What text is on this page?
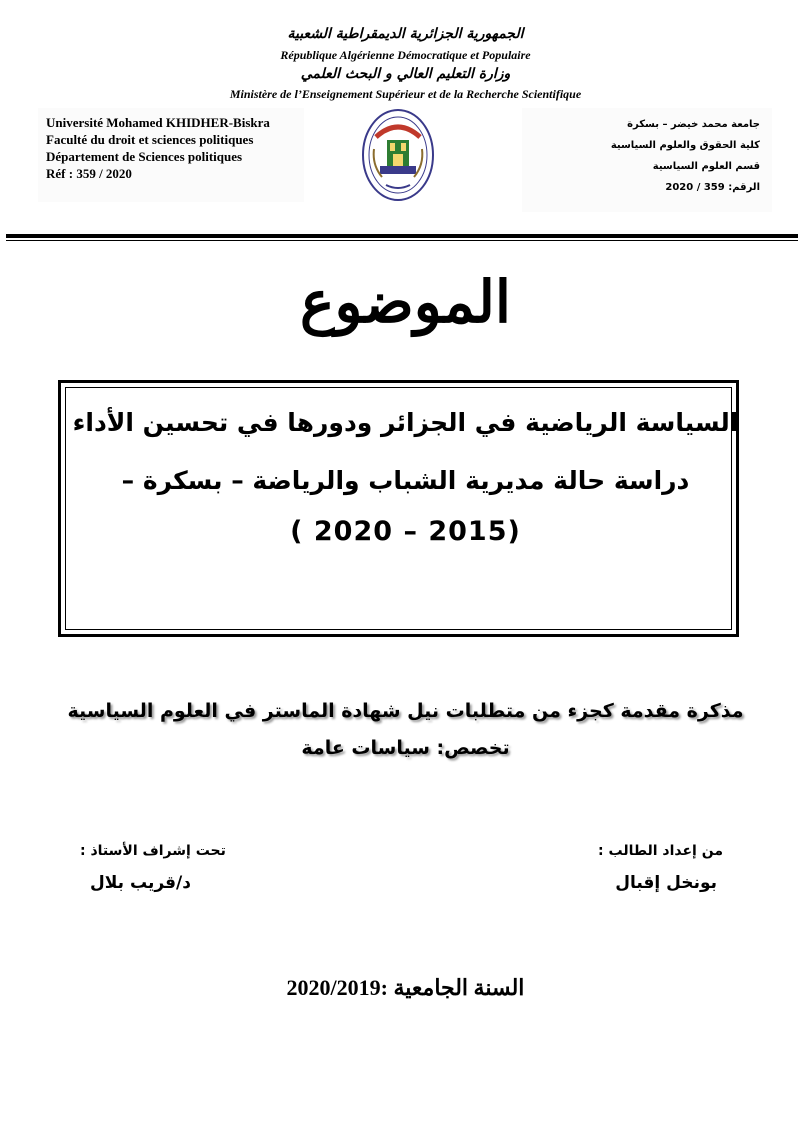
الجمهورية الجزائرية الديمقراطية الشعبية
République Algérienne Démocratique et Populaire
وزارة التعليم العالي و البحث العلمي
Ministère de l’Enseignement Supérieur et de la Recherche Scientifique
Université Mohamed KHIDHER-Biskra
Faculté du droit et sciences politiques
Département de Sciences politiques
Réf : 359 / 2020
جامعة محمد خيضر – بسكرة
كلية الحقوق والعلوم السياسية
قسم العلوم السياسية
الرقم: 359 / 2020
الموضوع
السياسة الرياضية في الجزائر ودورها في تحسين الأداء
دراسة حالة مديرية الشباب والرياضة – بسكرة –
( 2020 – 2015)
مذكرة مقدمة كجزء من متطلبات نيل شهادة الماستر في العلوم السياسية
تخصص: سياسات عامة
من إعداد الطالب :
بونخل إقبال
تحت إشراف الأستاذ :
د/قريب بلال
السنة الجامعية :2020/2019
